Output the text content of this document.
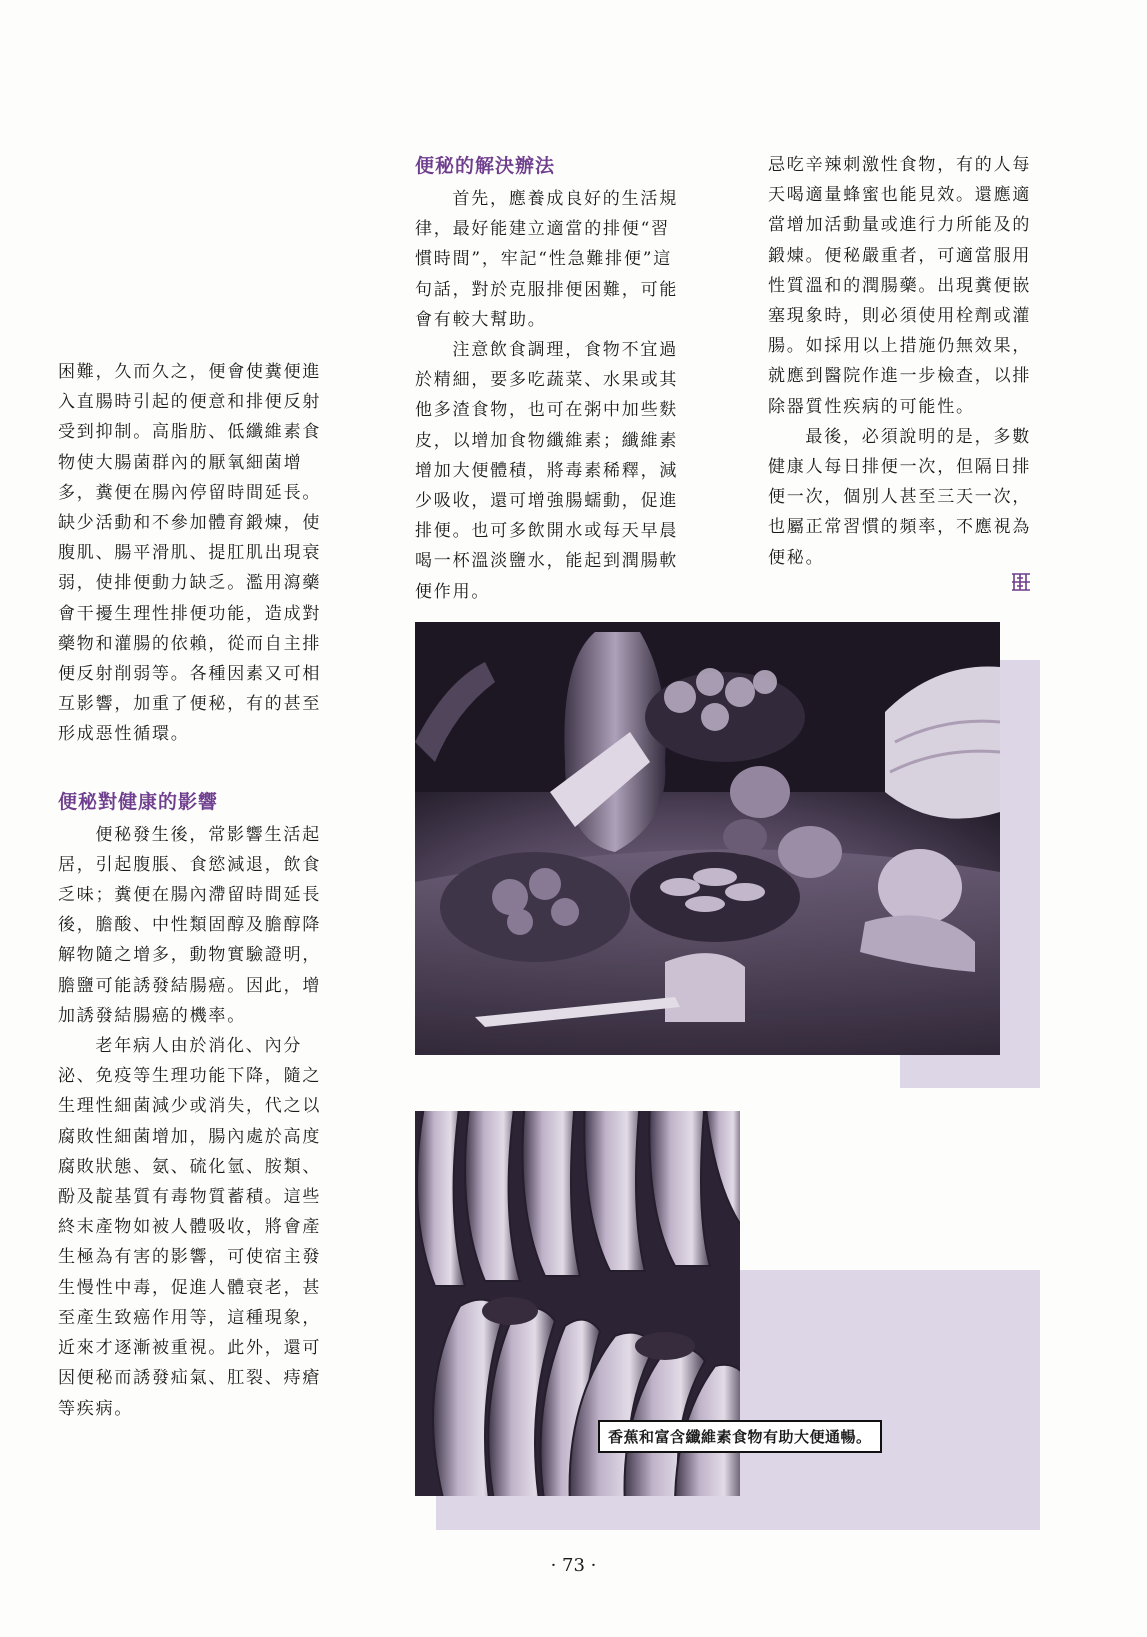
困難，久而久之，便會使糞便進入直腸時引起的便意和排便反射受到抑制。高脂肪、低纖維素食物使大腸菌群內的厭氧細菌增多，糞便在腸內停留時間延長。缺少活動和不參加體育鍛煉，使腹肌、腸平滑肌、提肛肌出現衰弱，使排便動力缺乏。濫用瀉藥會干擾生理性排便功能，造成對藥物和灌腸的依賴，從而自主排便反射削弱等。各種因素又可相互影響，加重了便秘，有的甚至形成惡性循環。

便秘對健康的影響

便秘發生後，常影響生活起居，引起腹脹、食慾減退，飲食乏味；糞便在腸內滯留時間延長後，膽酸、中性類固醇及膽醇降解物隨之增多，動物實驗證明，膽鹽可能誘發結腸癌。因此，增加誘發結腸癌的機率。

老年病人由於消化、內分泌、免疫等生理功能下降，隨之生理性細菌減少或消失，代之以腐敗性細菌增加，腸內處於高度腐敗狀態、氨、硫化氫、胺類、酚及靛基質有毒物質蓄積。這些終末產物如被人體吸收，將會產生極為有害的影響，可使宿主發生慢性中毒，促進人體衰老，甚至產生致癌作用等，這種現象，近來才逐漸被重視。此外，還可因便秘而誘發疝氣、肛裂、痔瘡等疾病。

便秘的解決辦法

首先，應養成良好的生活規律，最好能建立適當的排便“習慣時間”，牢記“性急難排便”這句話，對於克服排便困難，可能會有較大幫助。

注意飲食調理，食物不宜過於精細，要多吃蔬菜、水果或其他多渣食物，也可在粥中加些麩皮，以增加食物纖維素；纖維素增加大便體積，將毒素稀釋，減少吸收，還可增強腸蠕動，促進排便。也可多飲開水或每天早晨喝一杯溫淡鹽水，能起到潤腸軟便作用。

忌吃辛辣刺激性食物，有的人每天喝適量蜂蜜也能見效。還應適當增加活動量或進行力所能及的鍛煉。便秘嚴重者，可適當服用性質溫和的潤腸藥。出現糞便嵌塞現象時，則必須使用栓劑或灌腸。如採用以上措施仍無效果，就應到醫院作進一步檢查，以排除器質性疾病的可能性。

最後，必須說明的是，多數健康人每日排便一次，但隔日排便一次，個別人甚至三天一次，也屬正常習慣的頻率，不應視為便秘。

香蕉和富含纖維素食物有助大便通暢。
· 73 ·
